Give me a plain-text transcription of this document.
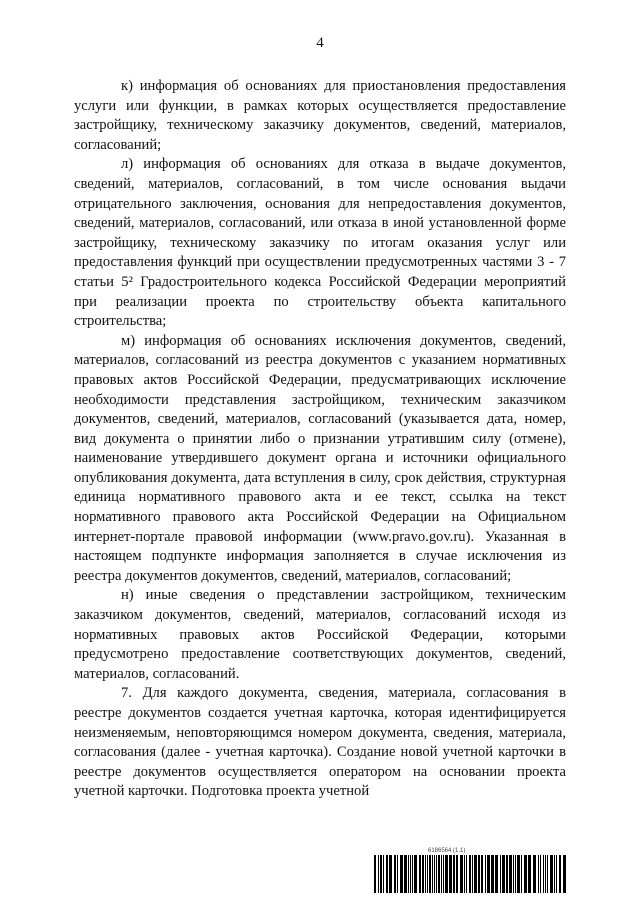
4

к) информация об основаниях для приостановления предоставления услуги или функции, в рамках которых осуществляется предоставление застройщику, техническому заказчику документов, сведений, материалов, согласований;

л) информация об основаниях для отказа в выдаче документов, сведений, материалов, согласований, в том числе основания выдачи отрицательного заключения, основания для непредоставления документов, сведений, материалов, согласований, или отказа в иной установленной форме застройщику, техническому заказчику по итогам оказания услуг или предоставления функций при осуществлении предусмотренных частями 3 - 7 статьи 5² Градостроительного кодекса Российской Федерации мероприятий при реализации проекта по строительству объекта капитального строительства;

м) информация об основаниях исключения документов, сведений, материалов, согласований из реестра документов с указанием нормативных правовых актов Российской Федерации, предусматривающих исключение необходимости представления застройщиком, техническим заказчиком документов, сведений, материалов, согласований (указывается дата, номер, вид документа о принятии либо о признании утратившим силу (отмене), наименование утвердившего документ органа и источники официального опубликования документа, дата вступления в силу, срок действия, структурная единица нормативного правового акта и ее текст, ссылка на текст нормативного правового акта Российской Федерации на Официальном интернет-портале правовой информации (www.pravo.gov.ru). Указанная в настоящем подпункте информация заполняется в случае исключения из реестра документов документов, сведений, материалов, согласований;

н) иные сведения о представлении застройщиком, техническим заказчиком документов, сведений, материалов, согласований исходя из нормативных правовых актов Российской Федерации, которыми предусмотрено предоставление соответствующих документов, сведений, материалов, согласований.

7. Для каждого документа, сведения, материала, согласования в реестре документов создается учетная карточка, которая идентифицируется неизменяемым, неповторяющимся номером документа, сведения, материала, согласования (далее - учетная карточка). Создание новой учетной карточки в реестре документов осуществляется оператором на основании проекта учетной карточки. Подготовка проекта учетной

6186564 (1.1)
